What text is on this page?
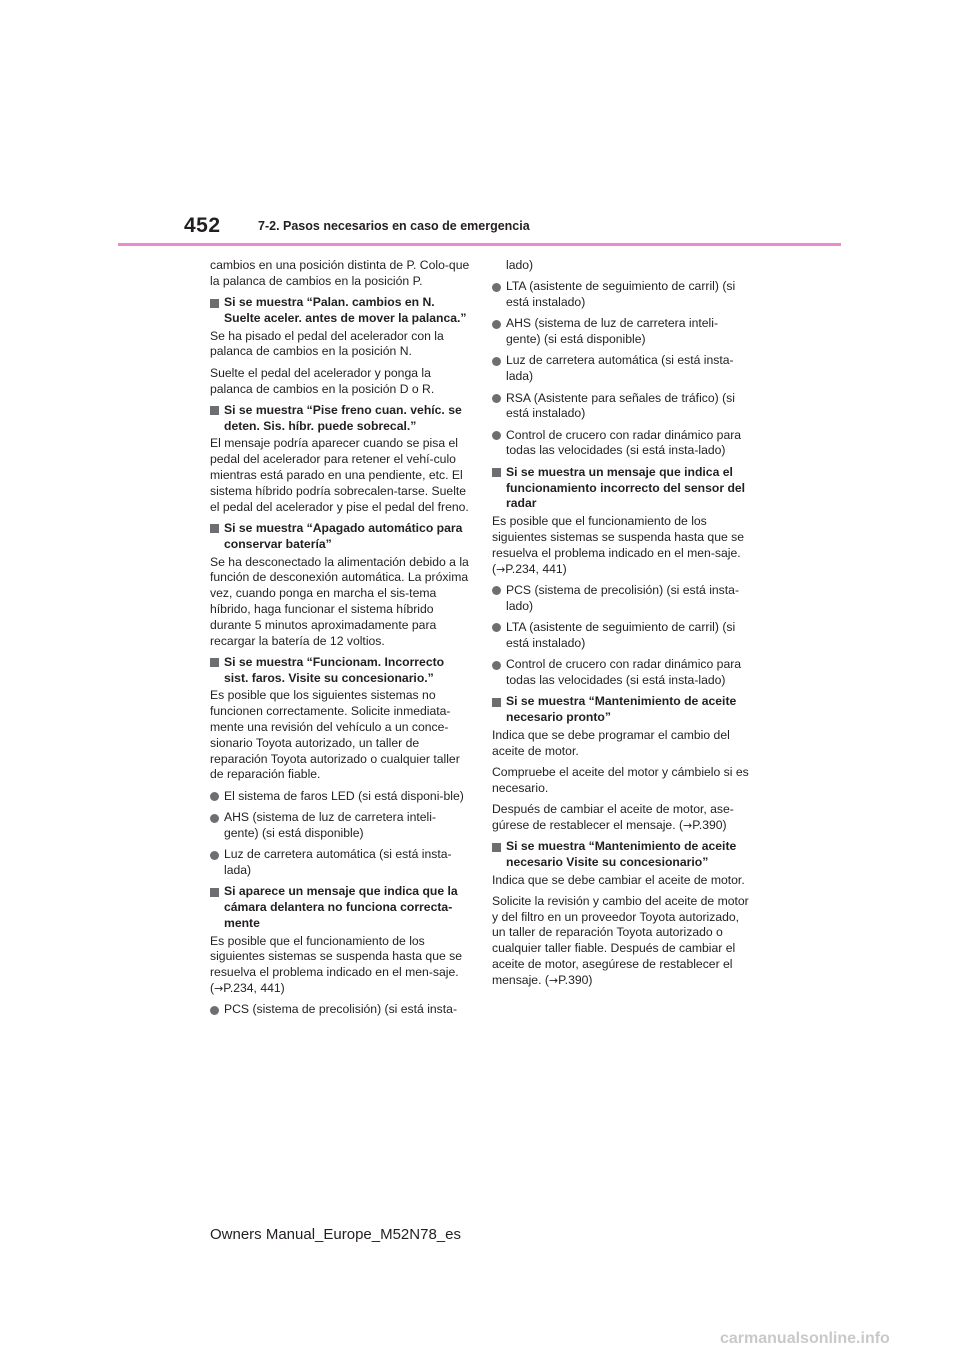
452	7-2. Pasos necesarios en caso de emergencia

cambios en una posición distinta de P. Colo-que la palanca de cambios en la posición P.

Si se muestra “Palan. cambios en N. Suelte aceler. antes de mover la palanca.”

Se ha pisado el pedal del acelerador con la palanca de cambios en la posición N.

Suelte el pedal del acelerador y ponga la palanca de cambios en la posición D o R.

Si se muestra “Pise freno cuan. vehíc. se deten. Sis. híbr. puede sobrecal.”

El mensaje podría aparecer cuando se pisa el pedal del acelerador para retener el vehí-culo mientras está parado en una pendiente, etc. El sistema híbrido podría sobrecalen-tarse. Suelte el pedal del acelerador y pise el pedal del freno.

Si se muestra “Apagado automático para conservar batería”

Se ha desconectado la alimentación debido a la función de desconexión automática. La próxima vez, cuando ponga en marcha el sis-tema híbrido, haga funcionar el sistema híbrido durante 5 minutos aproximadamente para recargar la batería de 12 voltios.

Si se muestra “Funcionam. Incorrecto sist. faros. Visite su concesionario.”

Es posible que los siguientes sistemas no funcionen correctamente. Solicite inmediata-mente una revisión del vehículo a un conce-sionario Toyota autorizado, un taller de reparación Toyota autorizado o cualquier taller de reparación fiable.

El sistema de faros LED (si está disponi-ble)
AHS (sistema de luz de carretera inteli-gente) (si está disponible)
Luz de carretera automática (si está insta-lada)
Si aparece un mensaje que indica que la cámara delantera no funciona correcta-mente

Es posible que el funcionamiento de los siguientes sistemas se suspenda hasta que se resuelva el problema indicado en el men-saje. (→P.234, 441)

PCS (sistema de precolisión) (si está insta-

lado)

LTA (asistente de seguimiento de carril) (si está instalado)
AHS (sistema de luz de carretera inteli-gente) (si está disponible)
Luz de carretera automática (si está insta-lada)
RSA (Asistente para señales de tráfico) (si está instalado)
Control de crucero con radar dinámico para todas las velocidades (si está insta-lado)
Si se muestra un mensaje que indica el funcionamiento incorrecto del sensor del radar

Es posible que el funcionamiento de los siguientes sistemas se suspenda hasta que se resuelva el problema indicado en el men-saje. (→P.234, 441)

PCS (sistema de precolisión) (si está insta-lado)
LTA (asistente de seguimiento de carril) (si está instalado)
Control de crucero con radar dinámico para todas las velocidades (si está insta-lado)
Si se muestra “Mantenimiento de aceite necesario pronto”

Indica que se debe programar el cambio del aceite de motor.

Compruebe el aceite del motor y cámbielo si es necesario.

Después de cambiar el aceite de motor, ase-gúrese de restablecer el mensaje. (→P.390)

Si se muestra “Mantenimiento de aceite necesario Visite su concesionario”

Indica que se debe cambiar el aceite de motor.

Solicite la revisión y cambio del aceite de motor y del filtro en un proveedor Toyota autorizado, un taller de reparación Toyota autorizado o cualquier taller fiable. Después de cambiar el aceite de motor, asegúrese de restablecer el mensaje. (→P.390)

Owners Manual_Europe_M52N78_es
carmanualsonline.info
